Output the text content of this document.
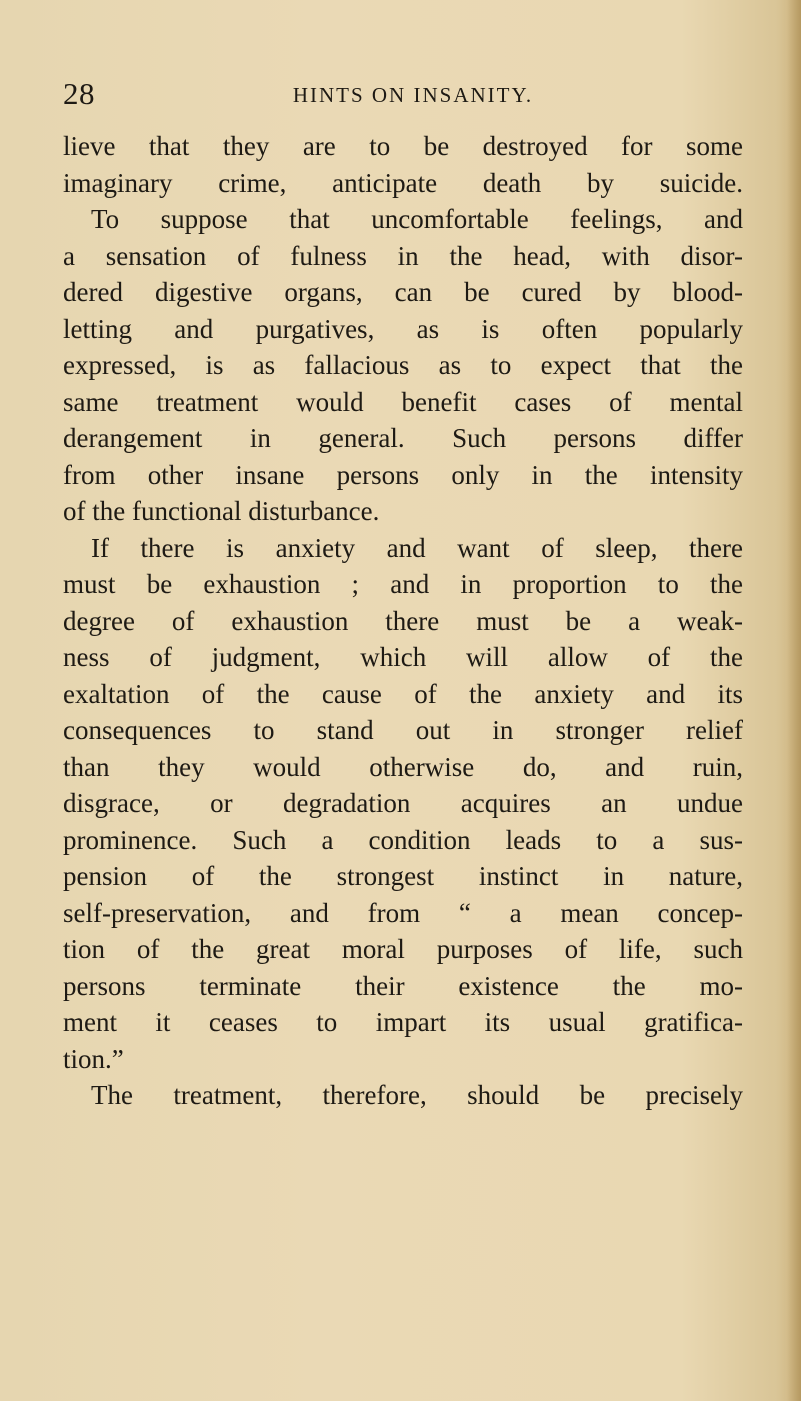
28	HINTS ON INSANITY.
lieve that they are to be destroyed for some
imaginary crime, anticipate death by suicide.
To suppose that uncomfortable feelings, and
a sensation of fulness in the head, with disor-
dered digestive organs, can be cured by blood-
letting and purgatives, as is often popularly
expressed, is as fallacious as to expect that the
same treatment would benefit cases of mental
derangement in general. Such persons differ
from other insane persons only in the intensity
of the functional disturbance.
If there is anxiety and want of sleep, there
must be exhaustion ; and in proportion to the
degree of exhaustion there must be a weak-
ness of judgment, which will allow of the
exaltation of the cause of the anxiety and its
consequences to stand out in stronger relief
than they would otherwise do, and ruin,
disgrace, or degradation acquires an undue
prominence. Such a condition leads to a sus-
pension of the strongest instinct in nature,
self-preservation, and from “ a mean concep-
tion of the great moral purposes of life, such
persons terminate their existence the mo-
ment it ceases to impart its usual gratifica-
tion.”
The treatment, therefore, should be precisely
